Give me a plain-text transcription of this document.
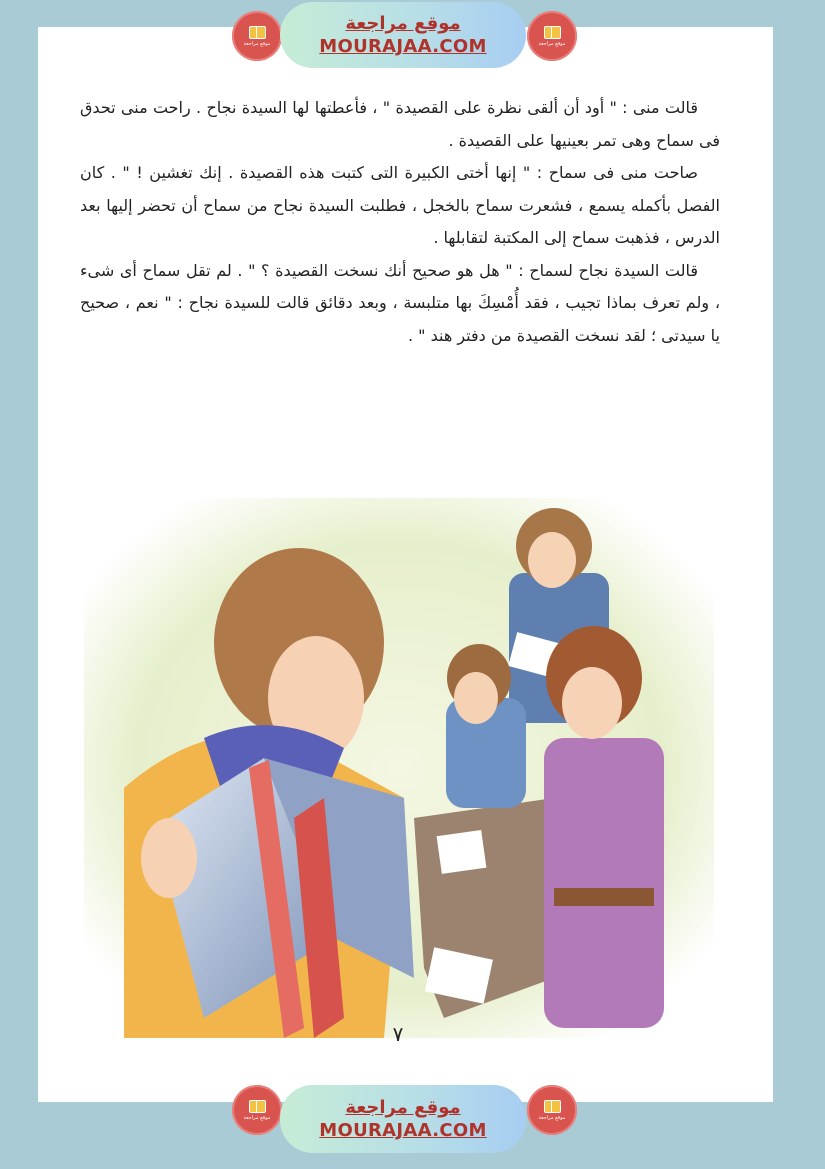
موقع مراجعة
موقع مراجعة
MOURAJAA.COM	موقع مراجعة

قالت منى : " أود أن ألقى نظرة على القصيدة " ، فأعطتها لها السيدة نجاح . راحت منى تحدق فى سماح وهى تمر بعينيها على القصيدة .

صاحت منى فى سماح : " إنها أختى الكبيرة التى كتبت هذه القصيدة . إنك تغشين ! " . كان الفصل بأكمله يسمع ، فشعرت سماح بالخجل ، فطلبت السيدة نجاح من سماح أن تحضر إليها بعد الدرس ، فذهبت سماح إلى المكتبة لتقابلها .

قالت السيدة نجاح لسماح : " هل هو صحيح أنك نسخت القصيدة ؟ " . لم تقل سماح أى شىء ، ولم تعرف بماذا تجيب ، فقد أُمْسِكَ بها متلبسة ، وبعد دقائق قالت للسيدة نجاح : " نعم ، صحيح يا سيدتى ؛ لقد نسخت القصيدة من دفتر هند " .

٧
موقع مراجعة	موقع مراجعة
MOURAJAA.COM
موقع مراجعة
